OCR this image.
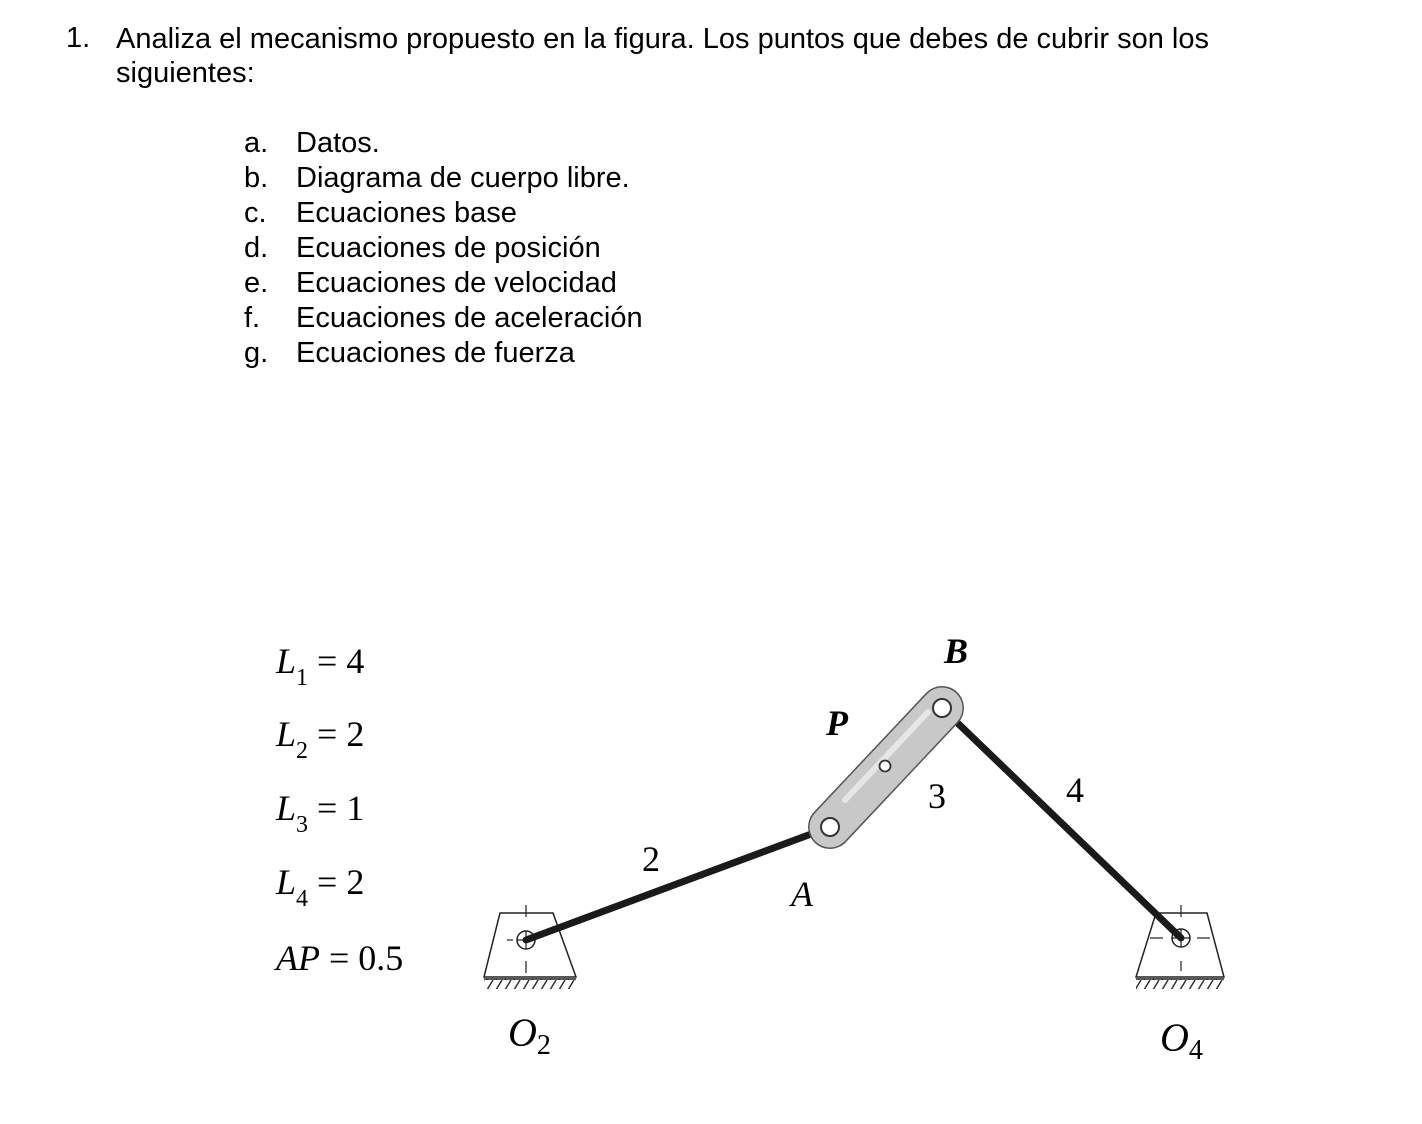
1. Analiza el mecanismo propuesto en la figura. Los puntos que debes de cubrir son los siguientes:
a. Datos.
b. Diagrama de cuerpo libre.
c. Ecuaciones base
d. Ecuaciones de posición
e. Ecuaciones de velocidad
f. Ecuaciones de aceleración
g. Ecuaciones de fuerza
$L_1 = 4$
$L_2 = 2$
$L_3 = 1$
$L_4 = 2$
AP = 0.5
B
P
A
2
3	4
$O_2$	$O_4$
